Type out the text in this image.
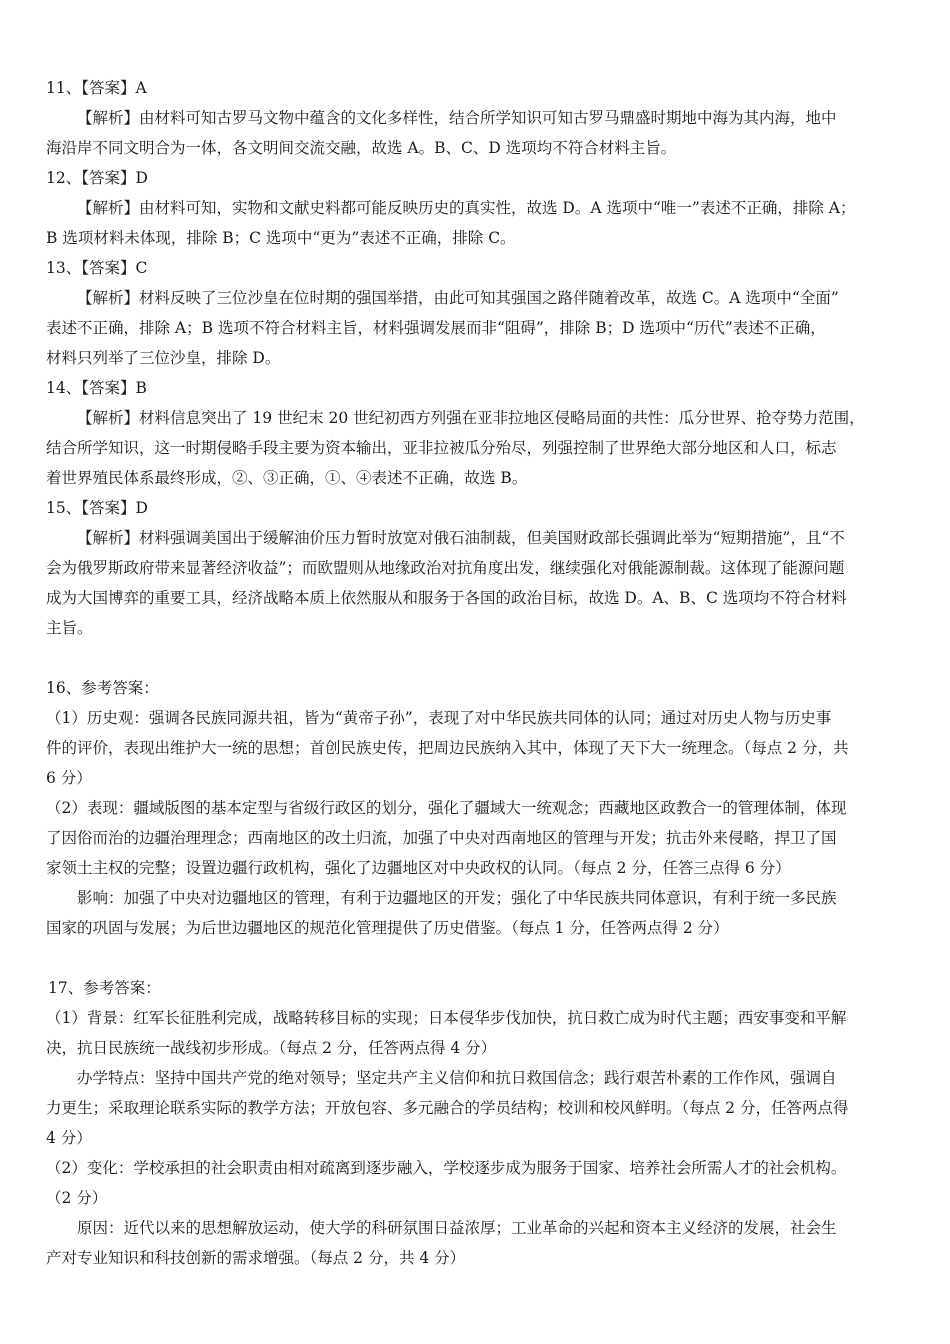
11、【答案】A
【解析】由材料可知古罗马文物中蕴含的文化多样性，结合所学知识可知古罗马鼎盛时期地中海为其内海，地中
海沿岸不同文明合为一体，各文明间交流交融，故选 A。B、C、D 选项均不符合材料主旨。
12、【答案】D
【解析】由材料可知，实物和文献史料都可能反映历史的真实性，故选 D。A 选项中“唯一”表述不正确，排除 A；
B 选项材料未体现，排除 B；C 选项中“更为”表述不正确，排除 C。
13、【答案】C
【解析】材料反映了三位沙皇在位时期的强国举措，由此可知其强国之路伴随着改革，故选 C。A 选项中“全面”
表述不正确，排除 A；B 选项不符合材料主旨，材料强调发展而非“阻碍”，排除 B；D 选项中“历代”表述不正确，
材料只列举了三位沙皇，排除 D。
14、【答案】B
【解析】材料信息突出了 19 世纪末 20 世纪初西方列强在亚非拉地区侵略局面的共性：瓜分世界、抢夺势力范围，
结合所学知识，这一时期侵略手段主要为资本输出，亚非拉被瓜分殆尽，列强控制了世界绝大部分地区和人口，标志
着世界殖民体系最终形成，②、③正确，①、④表述不正确，故选 B。
15、【答案】D
【解析】材料强调美国出于缓解油价压力暂时放宽对俄石油制裁，但美国财政部长强调此举为“短期措施”，且“不
会为俄罗斯政府带来显著经济收益”；而欧盟则从地缘政治对抗角度出发，继续强化对俄能源制裁。这体现了能源问题
成为大国博弈的重要工具，经济战略本质上依然服从和服务于各国的政治目标，故选 D。A、B、C 选项均不符合材料
主旨。
16、参考答案：
（1）历史观：强调各民族同源共祖，皆为“黄帝子孙”，表现了对中华民族共同体的认同；通过对历史人物与历史事
件的评价，表现出维护大一统的思想；首创民族史传，把周边民族纳入其中，体现了天下大一统理念。（每点 2 分，共
6 分）
（2）表现：疆域版图的基本定型与省级行政区的划分，强化了疆域大一统观念；西藏地区政教合一的管理体制，体现
了因俗而治的边疆治理理念；西南地区的改土归流，加强了中央对西南地区的管理与开发；抗击外来侵略，捍卫了国
家领土主权的完整；设置边疆行政机构，强化了边疆地区对中央政权的认同。（每点 2 分，任答三点得 6 分）
影响：加强了中央对边疆地区的管理，有利于边疆地区的开发；强化了中华民族共同体意识，有利于统一多民族
国家的巩固与发展；为后世边疆地区的规范化管理提供了历史借鉴。（每点 1 分，任答两点得 2 分）
17、参考答案：
（1）背景：红军长征胜利完成，战略转移目标的实现；日本侵华步伐加快，抗日救亡成为时代主题；西安事变和平解
决，抗日民族统一战线初步形成。（每点 2 分，任答两点得 4 分）
办学特点：坚持中国共产党的绝对领导；坚定共产主义信仰和抗日救国信念；践行艰苦朴素的工作作风，强调自
力更生；采取理论联系实际的教学方法；开放包容、多元融合的学员结构；校训和校风鲜明。（每点 2 分，任答两点得
4 分）
（2）变化：学校承担的社会职责由相对疏离到逐步融入，学校逐步成为服务于国家、培养社会所需人才的社会机构。
（2 分）
原因：近代以来的思想解放运动，使大学的科研氛围日益浓厚；工业革命的兴起和资本主义经济的发展，社会生
产对专业知识和科技创新的需求增强。（每点 2 分，共 4 分）
